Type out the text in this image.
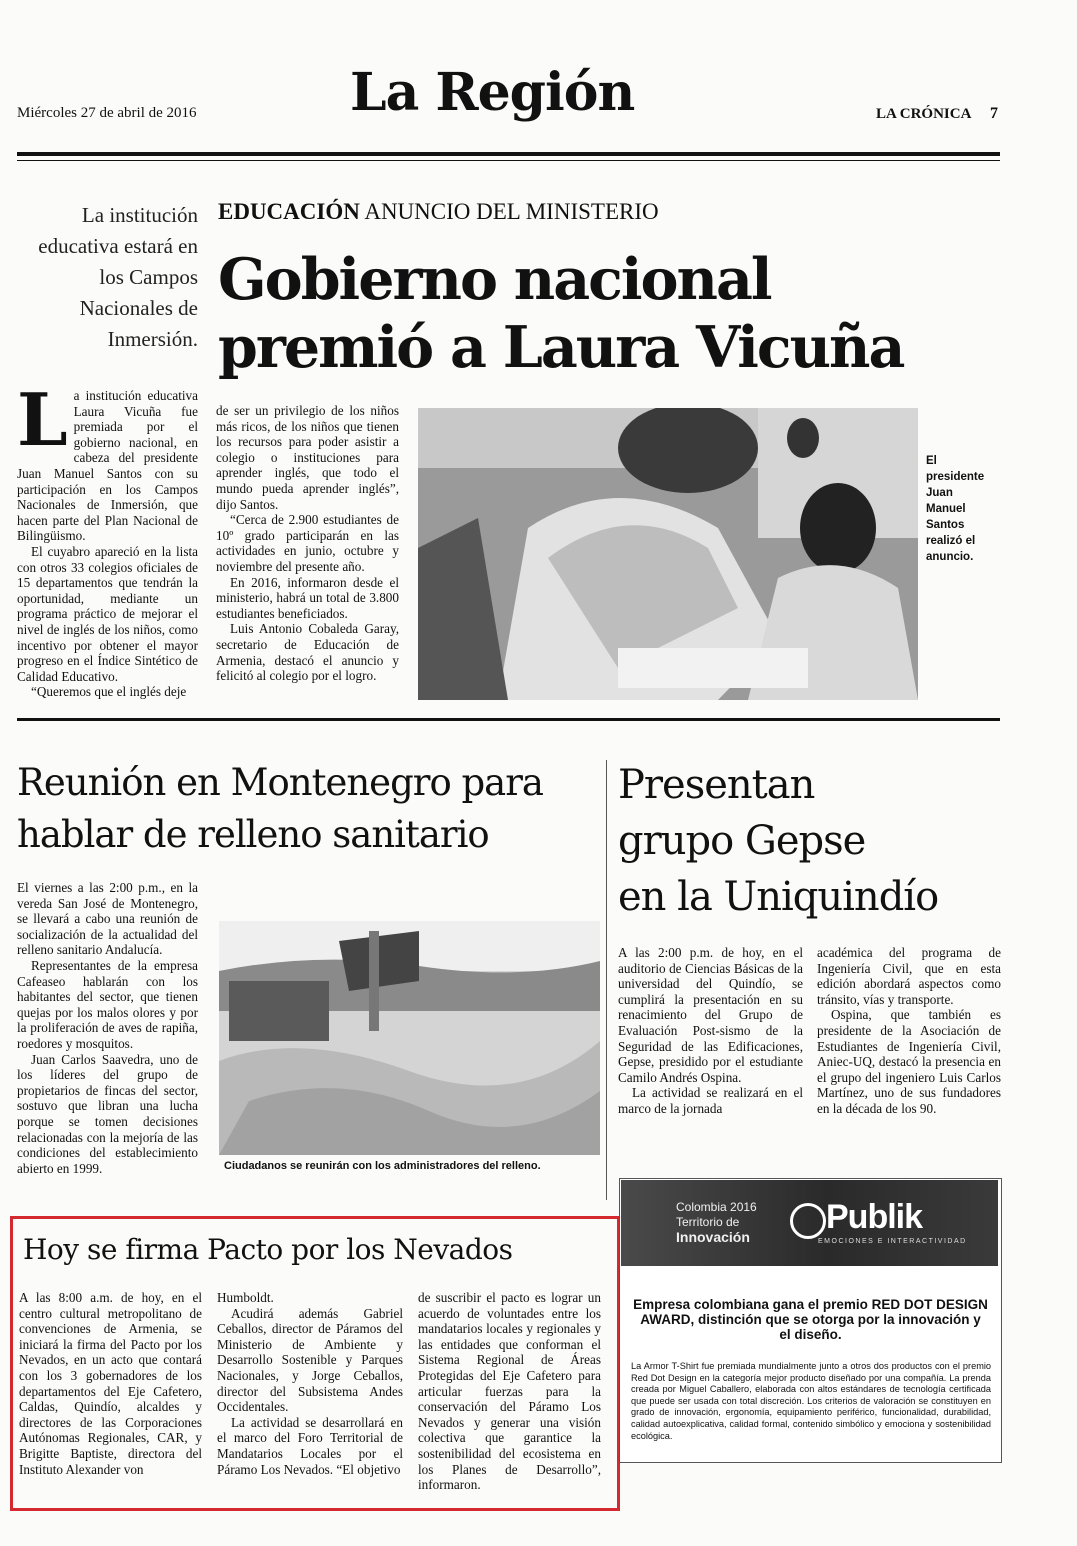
Miércoles 27 de abril de 2016	La Región	LA CRÓNICA 7
La institución educativa estará en los Campos Nacionales de Inmersión.
EDUCACIÓN ANUNCIO DEL MINISTERIO
Gobierno nacional
premió a Laura Vicuña

La institución educativa Laura Vicuña fue premiada por el gobierno nacional, en cabeza del presidente Juan Manuel Santos con su participación en los Campos Nacionales de Inmersión, que hacen parte del Plan Nacional de Bilingüismo.

El cuyabro apareció en la lista con otros 33 colegios oficiales de 15 departamentos que tendrán la oportunidad, mediante un programa práctico de mejorar el nivel de inglés de los niños, como incentivo por obtener el mayor progreso en el Índice Sintético de Calidad Educativo.

“Queremos que el inglés deje

de ser un privilegio de los niños más ricos, de los niños que tienen los recursos para poder asistir a colegio o instituciones para aprender inglés, que todo el mundo pueda aprender inglés”, dijo Santos.

“Cerca de 2.900 estudiantes de 10º grado participarán en las actividades en junio, octubre y noviembre del presente año.

En 2016, informaron desde el ministerio, habrá un total de 3.800 estudiantes beneficiados.

Luis Antonio Cobaleda Garay, secretario de Educación de Armenia, destacó el anuncio y felicitó al colegio por el logro.

El presidente Juan Manuel Santos realizó el anuncio.
Reunión en Montenegro para
hablar de relleno sanitario

El viernes a las 2:00 p.m., en la vereda San José de Montenegro, se llevará a cabo una reunión de socialización de la actualidad del relleno sanitario Andalucía.

Representantes de la empresa Cafeaseo hablarán con los habitantes del sector, que tienen quejas por los malos olores y por la proliferación de aves de rapiña, roedores y mosquitos.

Juan Carlos Saavedra, uno de los líderes del grupo de propietarios de fincas del sector, sostuvo que libran una lucha porque se tomen decisiones relacionadas con la mejoría de las condiciones del establecimiento abierto en 1999.	Ciudadanos se reunirán con los administradores del relleno.
Presentan
grupo Gepse
en la Uniquindío

A las 2:00 p.m. de hoy, en el auditorio de Ciencias Básicas de la universidad del Quindío, se cumplirá la presentación en su renacimiento del Grupo de Evaluación Post-sismo de la Seguridad de las Edificaciones, Gepse, presidido por el estudiante Camilo Andrés Ospina.

La actividad se realizará en el marco de la jornada

académica del programa de Ingeniería Civil, que en esta edición abordará aspectos como tránsito, vías y transporte.

Ospina, que también es presidente de la Asociación de Estudiantes de Ingeniería Civil, Aniec-UQ, destacó la presencia en el grupo del ingeniero Luis Carlos Martínez, uno de sus fundadores en la década de los 90.

Hoy se firma Pacto por los Nevados

A las 8:00 a.m. de hoy, en el centro cultural metropolitano de convenciones de Armenia, se iniciará la firma del Pacto por los Nevados, en un acto que contará con los 3 gobernadores de los departamentos del Eje Cafetero, Caldas, Quindío, alcaldes y directores de las Corporaciones Autónomas Regionales, CAR, y Brigitte Baptiste, directora del Instituto Alexander von

Humboldt.

Acudirá además Gabriel Ceballos, director de Páramos del Ministerio de Ambiente y Desarrollo Sostenible y Parques Nacionales, y Jorge Ceballos, director del Subsistema Andes Occidentales.

La actividad se desarrollará en el marco del Foro Territorial de Mandatarios Locales por el Páramo Los Nevados. “El objetivo

de suscribir el pacto es lograr un acuerdo de voluntades entre los mandatarios locales y regionales y las entidades que conforman el Sistema Regional de Áreas Protegidas del Eje Cafetero para articular fuerzas para la conservación del Páramo Los Nevados y generar una visión colectiva que garantice la sostenibilidad del ecosistema en los Planes de Desarrollo”, informaron.

Colombia 2016
Territorio de
Innovación
Publik
EMOCIONES E INTERACTIVIDAD
Empresa colombiana gana el premio RED DOT DESIGN AWARD, distinción que se otorga por la innovación y el diseño.
La Armor T-Shirt fue premiada mundialmente junto a otros dos productos con el premio Red Dot Design en la categoría mejor producto diseñado por una compañía. La prenda creada por Miguel Caballero, elaborada con altos estándares de tecnología certificada que puede ser usada con total discreción. Los criterios de valoración se constituyen en grado de innovación, ergonomía, equipamiento periférico, funcionalidad, durabilidad, calidad autoexplicativa, calidad formal, contenido simbólico y emociona y sostenibilidad ecológica.
